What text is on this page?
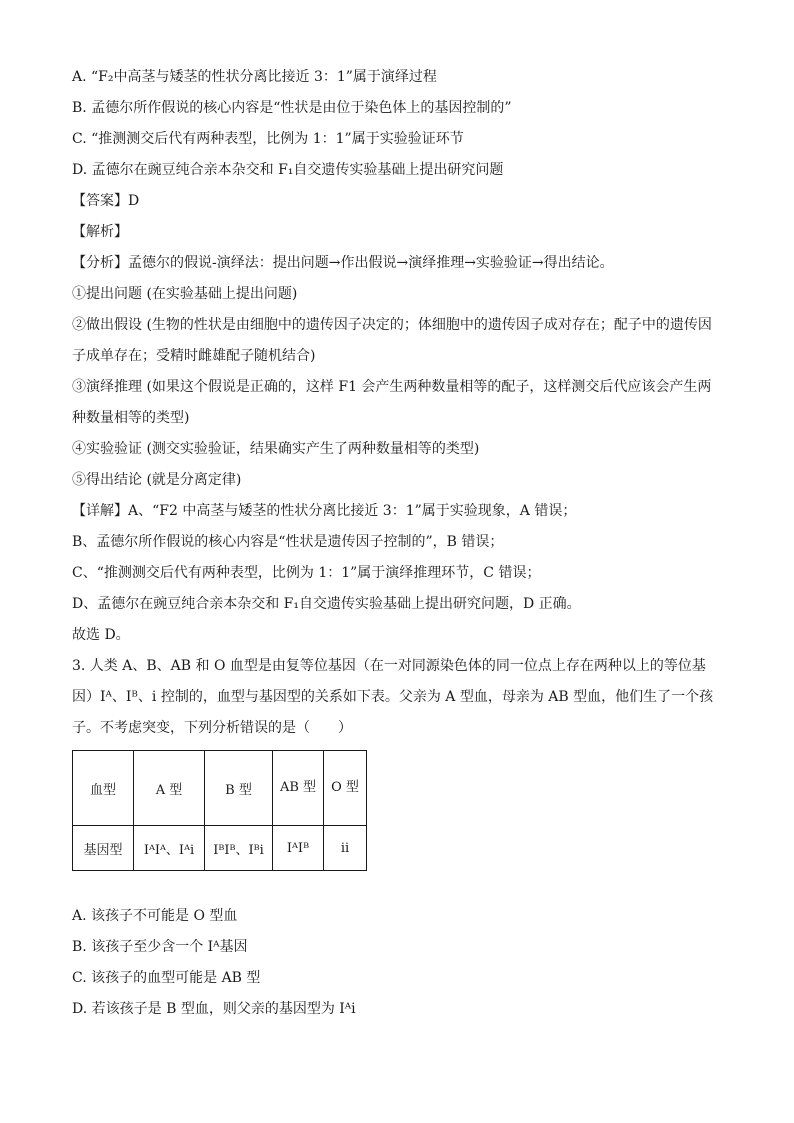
A. “F₂中高茎与矮茎的性状分离比接近 3：1”属于演绎过程
B. 孟德尔所作假说的核心内容是“性状是由位于染色体上的基因控制的”
C. “推测测交后代有两种表型，比例为 1：1”属于实验验证环节
D. 孟德尔在豌豆纯合亲本杂交和 F₁自交遗传实验基础上提出研究问题
【答案】D
【解析】
【分析】孟德尔的假说-演绎法：提出问题→作出假说→演绎推理→实验验证→得出结论。
①提出问题 (在实验基础上提出问题)
②做出假设 (生物的性状是由细胞中的遗传因子决定的；体细胞中的遗传因子成对存在；配子中的遗传因子成单存在；受精时雌雄配子随机结合)
③演绎推理 (如果这个假说是正确的，这样 F1 会产生两种数量相等的配子，这样测交后代应该会产生两种数量相等的类型)
④实验验证 (测交实验验证，结果确实产生了两种数量相等的类型)
⑤得出结论 (就是分离定律)
【详解】A、“F2 中高茎与矮茎的性状分离比接近 3：1”属于实验现象，A 错误；
B、孟德尔所作假说的核心内容是“性状是遗传因子控制的”，B 错误；
C、“推测测交后代有两种表型，比例为 1：1”属于演绎推理环节，C 错误；
D、孟德尔在豌豆纯合亲本杂交和 F₁自交遗传实验基础上提出研究问题，D 正确。
故选 D。
3. 人类 A、B、AB 和 O 血型是由复等位基因（在一对同源染色体的同一位点上存在两种以上的等位基因）Iᴬ、Iᴮ、i 控制的，血型与基因型的关系如下表。父亲为 A 型血，母亲为 AB 型血，他们生了一个孩子。不考虑突变，下列分析错误的是（　　）
血型	A 型	B 型	AB 型	O 型

基因型	IᴬIᴬ、Iᴬi	IᴮIᴮ、Iᴮi	IᴬIᴮ	ii
A. 该孩子不可能是 O 型血
B. 该孩子至少含一个 Iᴬ基因
C. 该孩子的血型可能是 AB 型
D. 若该孩子是 B 型血，则父亲的基因型为 Iᴬi
